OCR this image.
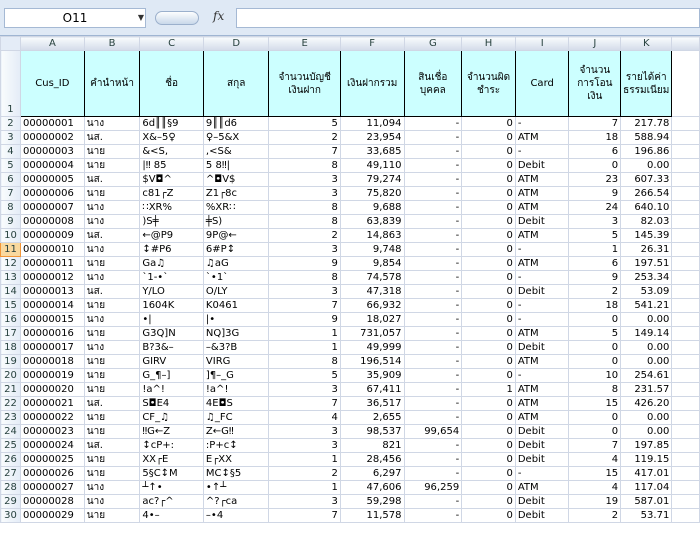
O11	▼	fx
	A	B	C	D	E	F	G	H	I	J	K	
1	Cus_ID	คำนำหน้า	ชื่อ	สกุล	จำนวนบัญชีเงินฝาก	เงินฝากรวม	สินเชื่อบุคคล	จำนวนผิดชำระ	Card	จำนวนการโอนเงิน	รายได้ค่าธรรมเนียม	
2	00000001	นาง	6d║║§9	9║║d6	5	11,094	-	0	-	7	217.78	
3	00000002	นส.	X&–5♀	♀–5&X	2	23,954	-	0	ATM	18	588.94	
4	00000003	นาย	&<S,	,<S&	7	33,685	-	0	-	6	196.86	
5	00000004	นาย	|‼ 85	5 8‼|	8	49,110	-	0	Debit	0	0.00	
6	00000005	นส.	$V◘^	^◘V$	3	79,274	-	0	ATM	23	607.33	
7	00000006	นาย	c81┌Z	Z1┌8c	3	75,820	-	0	ATM	9	266.54	
8	00000007	นาง	∷XR%	%XR∷	8	9,688	-	0	ATM	24	640.10	
9	00000008	นาง	)S╪	╪S)	8	63,839	-	0	Debit	3	82.03	
10	00000009	นส.	←@P9	9P@←	2	14,863	-	0	ATM	5	145.39	
11	00000010	นาง	↕#P6	6#P↕	3	9,748	-	0	-	1	26.31	
12	00000011	นาย	Ga♫	♫aG	9	9,854	-	0	ATM	6	197.51	
13	00000012	นาง	`1-•`	`•1`	8	74,578	-	0	-	9	253.34	
14	00000013	นส.	Y/LO	O/LY	3	47,318	-	0	Debit	2	53.09	
15	00000014	นาย	1604K	K0461	7	66,932	-	0	-	18	541.21	
16	00000015	นาง	•|	|•	9	18,027	-	0	-	0	0.00	
17	00000016	นาย	G3Q]N	NQ]3G	1	731,057	-	0	ATM	5	149.14	
18	00000017	นาง	B?3&–	–&3?B	1	49,999	-	0	Debit	0	0.00	
19	00000018	นาย	GIRV	VIRG	8	196,514	-	0	ATM	0	0.00	
20	00000019	นาย	G_¶–]	]¶–_G	5	35,909	-	0	-	10	254.61	
21	00000020	นาย	!a^!	!a^!	3	67,411	-	1	ATM	8	231.57	
22	00000021	นส.	S◘E4	4E◘S	7	36,517	-	0	ATM	15	426.20	
23	00000022	นาย	CF_♫	♫_FC	4	2,655	-	0	ATM	0	0.00	
24	00000023	นาย	‼G←Z	Z←G‼	3	98,537	99,654	0	Debit	0	0.00	
25	00000024	นส.	↕cP+:	:P+c↕	3	821	-	0	Debit	7	197.85	
26	00000025	นาย	XX┌E	E┌XX	1	28,456	-	0	Debit	4	119.15	
27	00000026	นาย	5§C↕M	MC↕§5	2	6,297	-	0	-	15	417.01	
28	00000027	นาง	┴↑•	•↑┴	1	47,606	96,259	0	ATM	4	117.04	
29	00000028	นาง	ac?┌^	^?┌ca	3	59,298	-	0	Debit	19	587.01	
30	00000029	นาย	4•–	–•4	7	11,578	-	0	Debit	2	53.71	
